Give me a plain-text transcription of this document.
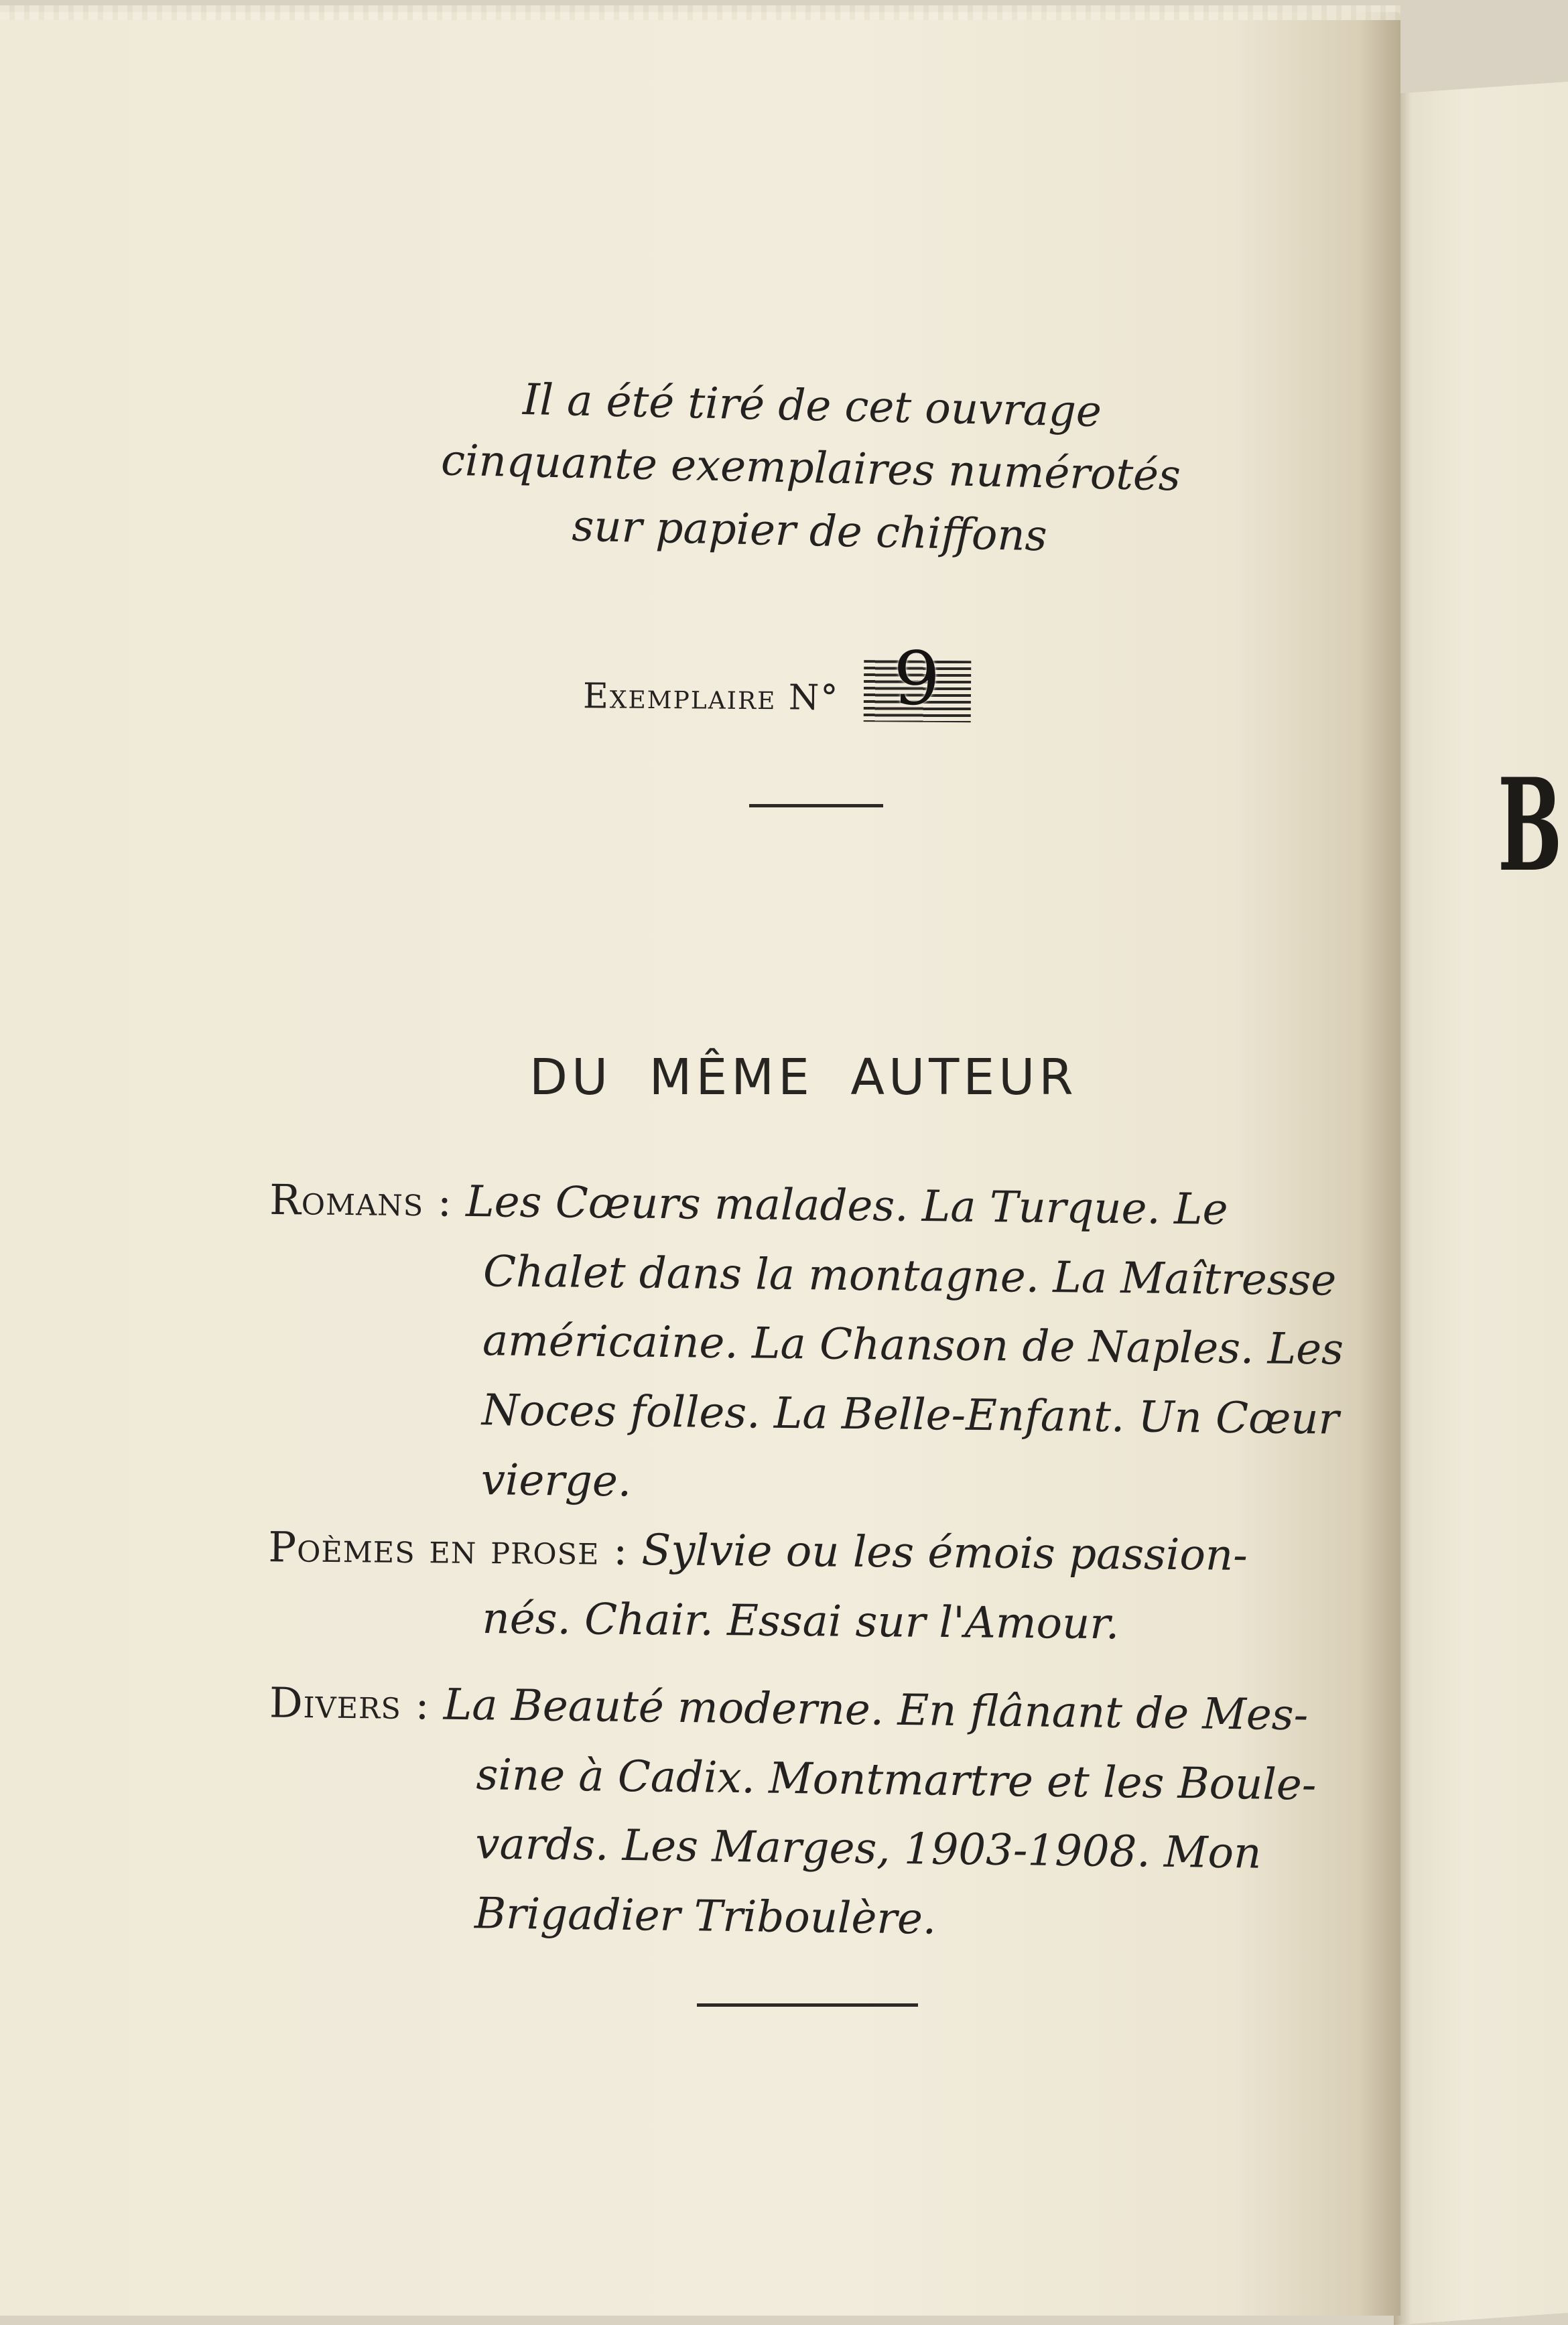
B
Il a été tiré de cet ouvrage
cinquante exemplaires numérotés
sur papier de chiffons
Exemplaire N° 9
DU MÊME AUTEUR
Romans : Les Cœurs malades. La Turque. Le
Chalet dans la montagne. La Maîtresse
américaine. La Chanson de Naples. Les
Noces folles. La Belle-Enfant. Un Cœur
vierge.
Poèmes en prose : Sylvie ou les émois passion-
nés. Chair. Essai sur l'Amour.
Divers : La Beauté moderne. En flânant de Mes-
sine à Cadix. Montmartre et les Boule-
vards. Les Marges, 1903-1908. Mon
Brigadier Triboulère.
